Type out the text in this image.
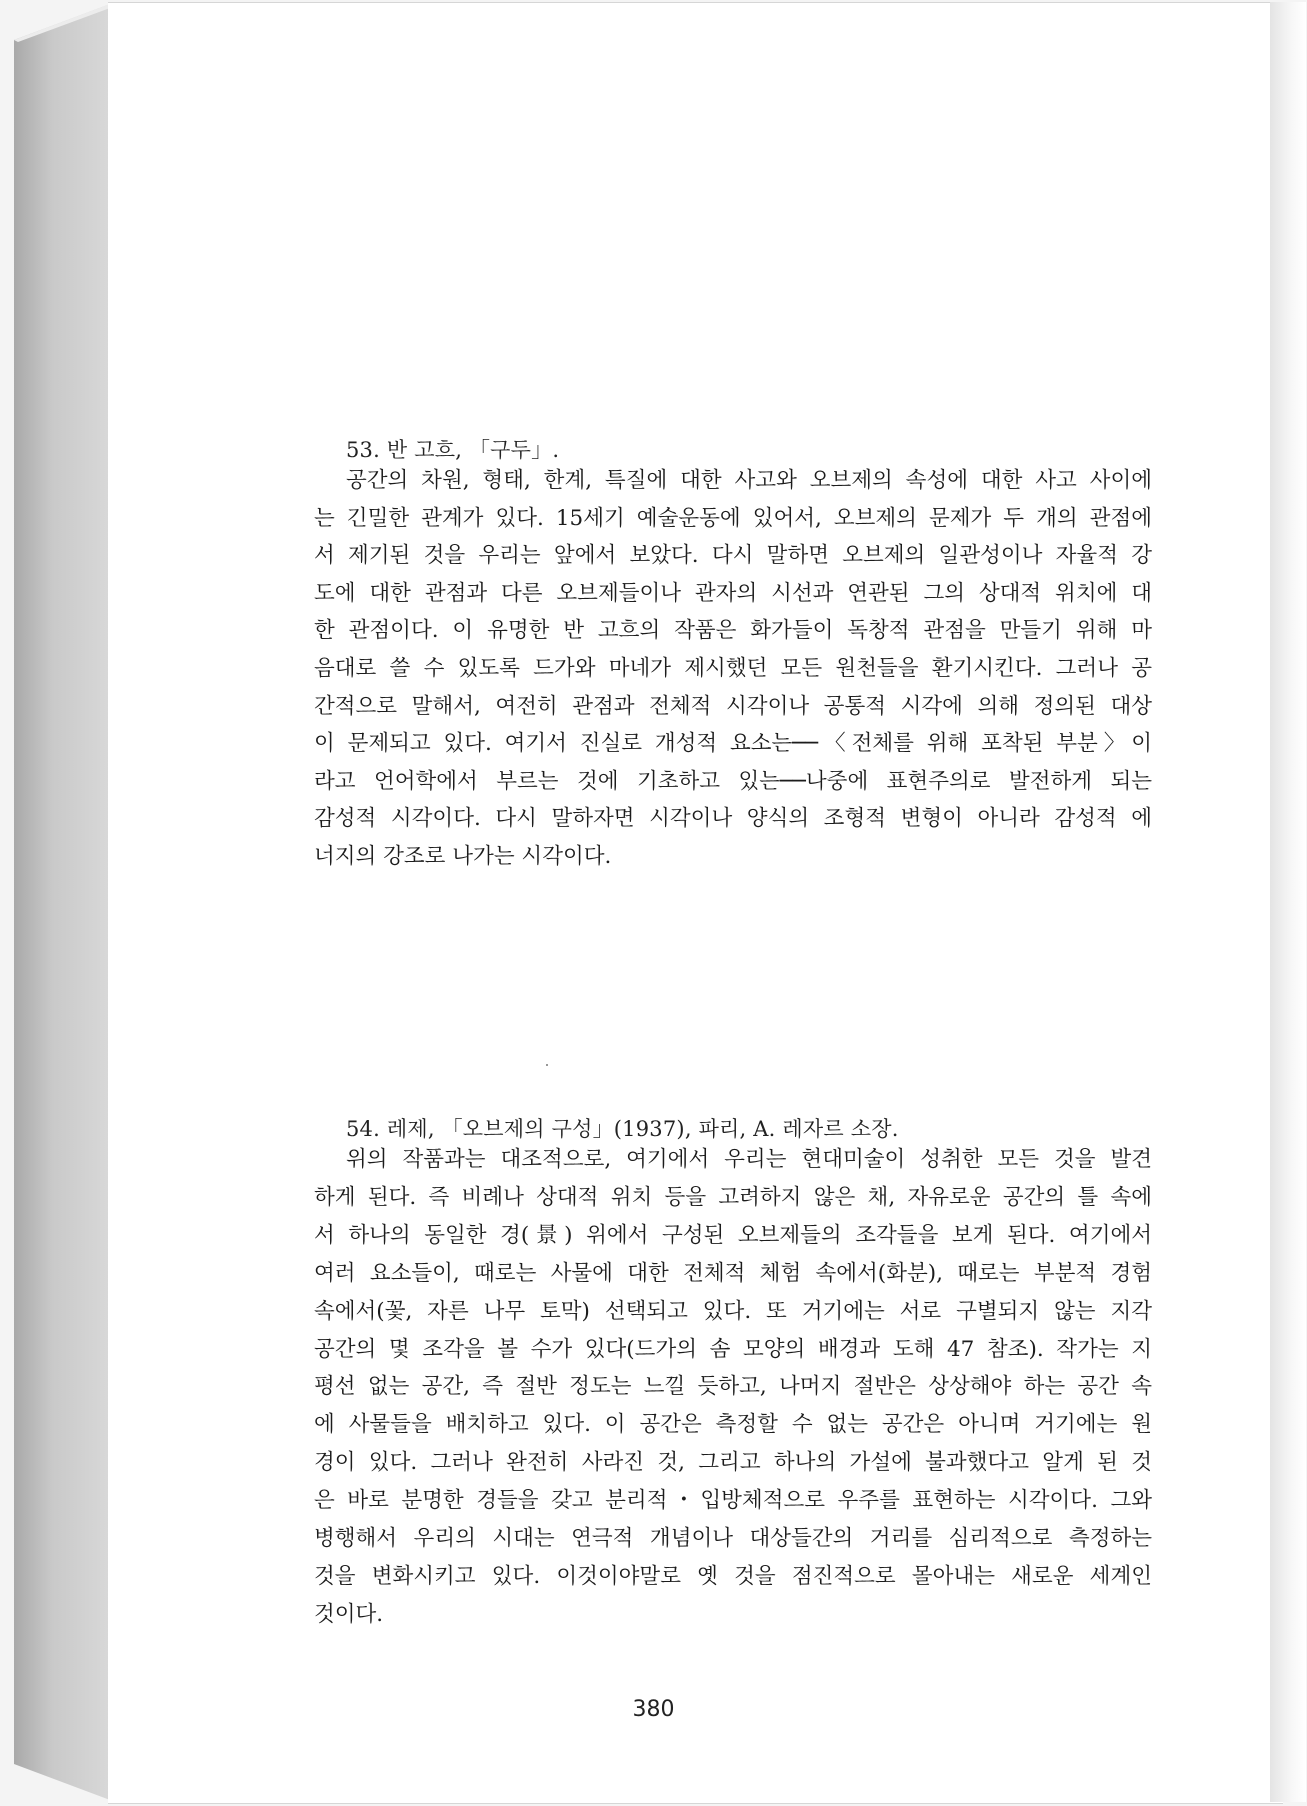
53. 반 고흐, 「구두」.
공간의 차원, 형태, 한계, 특질에 대한 사고와 오브제의 속성에 대한 사고 사이에
는 긴밀한 관계가 있다. 15세기 예술운동에 있어서, 오브제의 문제가 두 개의 관점에
서 제기된 것을 우리는 앞에서 보았다. 다시 말하면 오브제의 일관성이나 자율적 강
도에 대한 관점과 다른 오브제들이나 관자의 시선과 연관된 그의 상대적 위치에 대
한 관점이다. 이 유명한 반 고흐의 작품은 화가들이 독창적 관점을 만들기 위해 마
음대로 쓸 수 있도록 드가와 마네가 제시했던 모든 원천들을 환기시킨다. 그러나 공
간적으로 말해서, 여전히 관점과 전체적 시각이나 공통적 시각에 의해 정의된 대상
이 문제되고 있다. 여기서 진실로 개성적 요소는──〈전체를 위해 포착된 부분〉이
라고 언어학에서 부르는 것에 기초하고 있는──나중에 표현주의로 발전하게 되는
감성적 시각이다. 다시 말하자면 시각이나 양식의 조형적 변형이 아니라 감성적 에
너지의 강조로 나가는 시각이다.
54. 레제, 「오브제의 구성」(1937), 파리, A. 레자르 소장.
위의 작품과는 대조적으로, 여기에서 우리는 현대미술이 성취한 모든 것을 발견
하게 된다. 즉 비례나 상대적 위치 등을 고려하지 않은 채, 자유로운 공간의 틀 속에
서 하나의 동일한 경(景) 위에서 구성된 오브제들의 조각들을 보게 된다. 여기에서
여러 요소들이, 때로는 사물에 대한 전체적 체험 속에서(화분), 때로는 부분적 경험
속에서(꽃, 자른 나무 토막) 선택되고 있다. 또 거기에는 서로 구별되지 않는 지각
공간의 몇 조각을 볼 수가 있다(드가의 솜 모양의 배경과 도해 47 참조). 작가는 지
평선 없는 공간, 즉 절반 정도는 느낄 듯하고, 나머지 절반은 상상해야 하는 공간 속
에 사물들을 배치하고 있다. 이 공간은 측정할 수 없는 공간은 아니며 거기에는 원
경이 있다. 그러나 완전히 사라진 것, 그리고 하나의 가설에 불과했다고 알게 된 것
은 바로 분명한 경들을 갖고 분리적・입방체적으로 우주를 표현하는 시각이다. 그와
병행해서 우리의 시대는 연극적 개념이나 대상들간의 거리를 심리적으로 측정하는
것을 변화시키고 있다. 이것이야말로 옛 것을 점진적으로 몰아내는 새로운 세계인
것이다.
380
